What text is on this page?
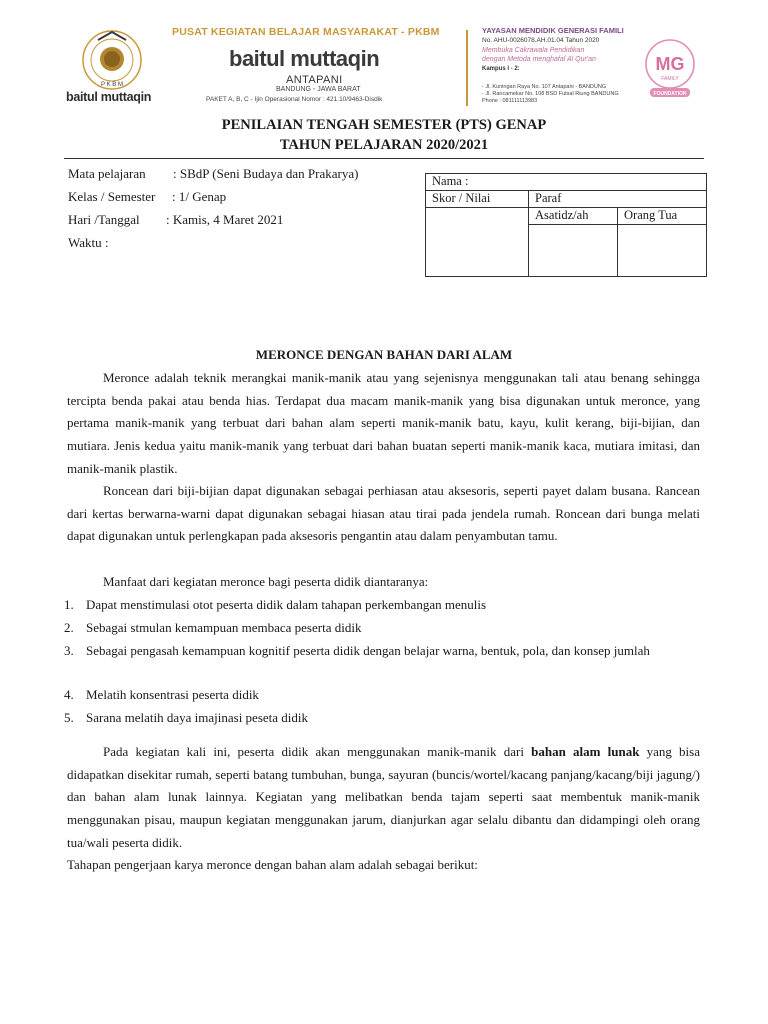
P K B M
baitul muttaqin
PUSAT KEGIATAN BELAJAR MASYARAKAT - PKBM
baitul muttaqin
ANTAPANI
BANDUNG - JAWA BARAT
PAKET A, B, C - Ijin Operasional Nomor : 421.10/9463-Disdik
YAYASAN MENDIDIK GENERASI FAMILI
No. AHU-0026078.AH.01.04 Tahun 2020
Membuka Cakrawala Pendidikan
dengan Metoda menghafal Al Qur'an
Kampus I - 2:
- Jl. Kuningan Raya No. 107 Antapani - BANDUNG
- Jl. Rancamekar No. 108 BSD Futsal Riung BANDUNG
Phone : 081111113983
MG
FAMILY
FOUNDATION
PENILAIAN TENGAH SEMESTER (PTS) GENAP
TAHUN PELAJARAN 2020/2021
Mata pelajaran : SBdP (Seni Budaya dan Prakarya)
Kelas / Semester : 1/ Genap
Hari /Tanggal : Kamis, 4 Maret 2021
Waktu :
Nama :		
Skor / Nilai	Paraf	
	Asatidz/ah	Orang Tua

MERONCE DENGAN BAHAN DARI ALAM
Meronce adalah teknik merangkai manik-manik atau yang sejenisnya menggunakan tali atau benang sehingga tercipta benda pakai atau benda hias. Terdapat dua macam manik-manik yang bisa digunakan untuk meronce, yang pertama manik-manik yang terbuat dari bahan alam seperti manik-manik batu, kayu, kulit kerang, biji-bijian, dan mutiara. Jenis kedua yaitu manik-manik yang terbuat dari bahan buatan seperti manik-manik kaca, mutiara imitasi, dan manik-manik plastik.
Roncean dari biji-bijian dapat digunakan sebagai perhiasan atau aksesoris, seperti payet dalam busana. Rancean dari kertas berwarna-warni dapat digunakan sebagai hiasan atau tirai pada jendela rumah. Roncean dari bunga melati dapat digunakan untuk perlengkapan pada aksesoris pengantin atau dalam penyambutan tamu.
Manfaat dari kegiatan meronce bagi peserta didik diantaranya:
1. Dapat menstimulasi otot peserta didik dalam tahapan perkembangan menulis
2. Sebagai stmulan kemampuan membaca peserta didik
3. Sebagai pengasah kemampuan kognitif peserta didik dengan belajar warna, bentuk, pola, dan konsep jumlah
4. Melatih konsentrasi peserta didik
5. Sarana melatih daya imajinasi peseta didik
Pada kegiatan kali ini, peserta didik akan menggunakan manik-manik dari bahan alam lunak yang bisa didapatkan disekitar rumah, seperti batang tumbuhan, bunga, sayuran (buncis/wortel/kacang panjang/kacang/biji jagung/) dan bahan alam lunak lainnya. Kegiatan yang melibatkan benda tajam seperti saat membentuk manik-manik menggunakan pisau, maupun kegiatan menggunakan jarum, dianjurkan agar selalu dibantu dan didampingi oleh orang tua/wali peserta didik.
Tahapan pengerjaan karya meronce dengan bahan alam adalah sebagai berikut:
